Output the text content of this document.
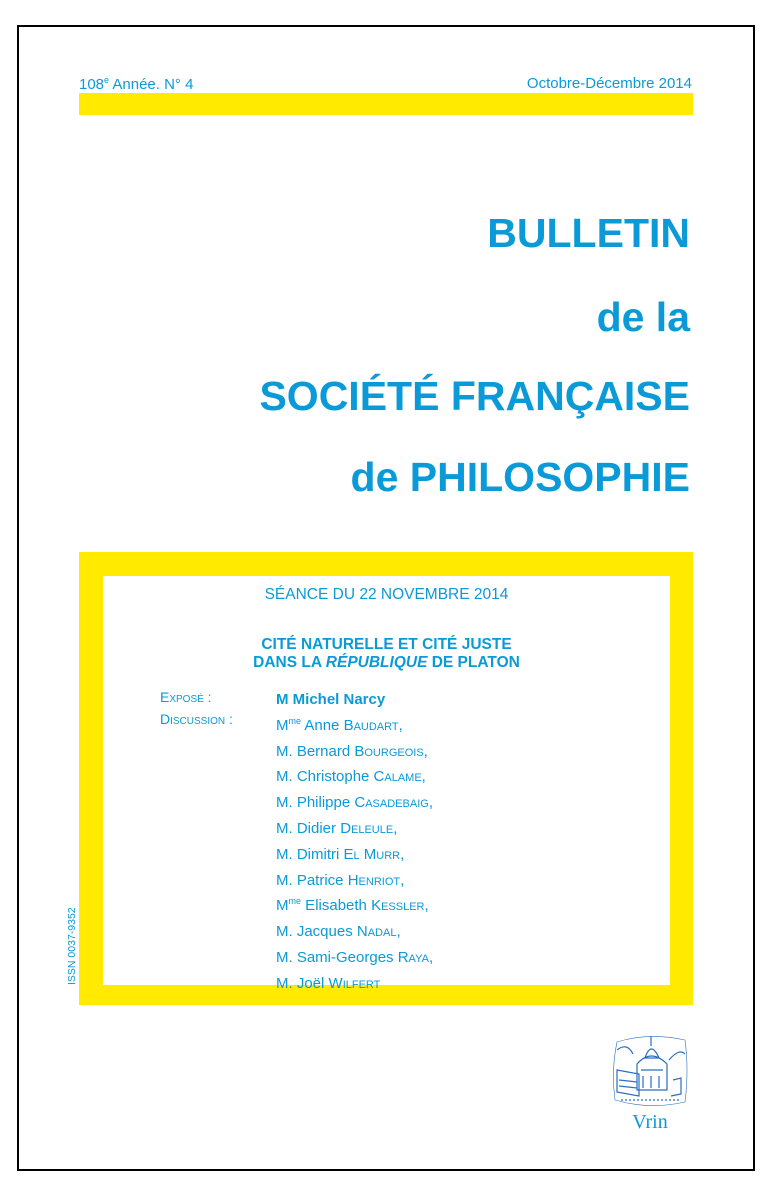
108e Année. N° 4	Octobre-Décembre 2014
BULLETIN
de la
SOCIÉTÉ FRANÇAISE
de PHILOSOPHIE
SÉANCE DU 22 NOVEMBRE 2014
CITÉ NATURELLE ET CITÉ JUSTE
DANS LA RÉPUBLIQUE DE PLATON
Exposé :
Discussion :
M Michel Narcy
$M^{me}$ Anne Baudart,
M. Bernard Bourgeois,
M. Christophe Calame,
M. Philippe Casadebaig,
M. Didier Deleule,
M. Dimitri El Murr,
M. Patrice Henriot,
$M^{me}$ Elisabeth Kessler,
M. Jacques Nadal,
M. Sami-Georges Raya,
M. Joël Wilfert
ISSN 0037-9352
Vrin
